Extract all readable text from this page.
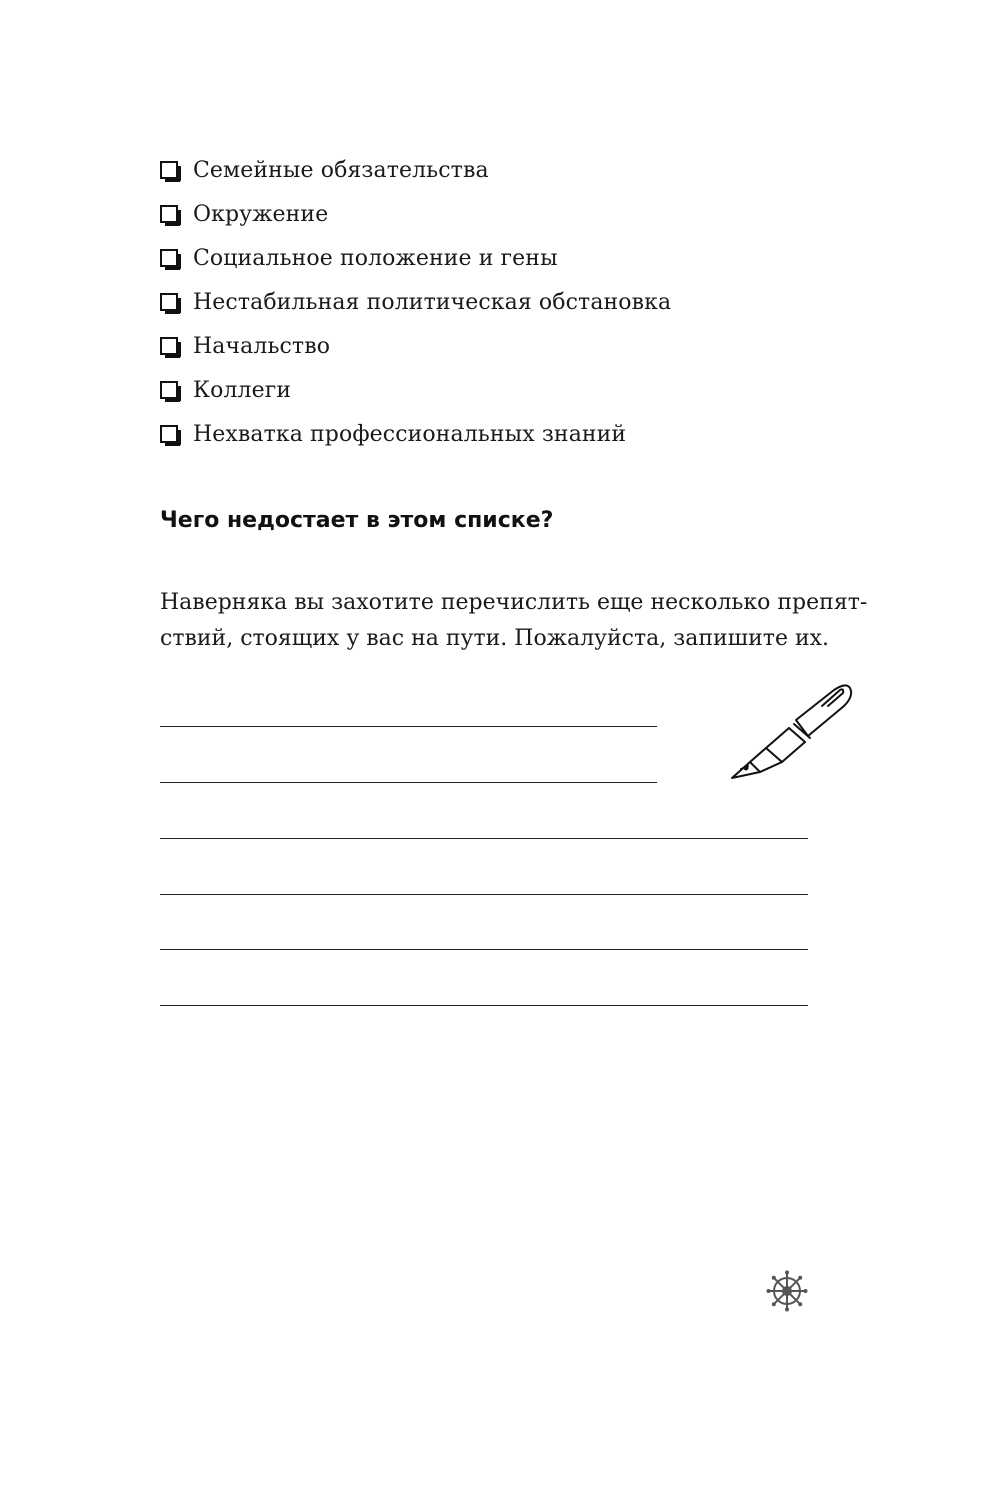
Семейные обязательства
Окружение
Социальное положение и гены
Нестабильная политическая обстановка
Начальство
Коллеги
Нехватка профессиональных знаний
Чего недостает в этом списке?

Наверняка вы захотите перечислить еще несколько препят-
ствий, стоящих у вас на пути. Пожалуйста, запишите их.
